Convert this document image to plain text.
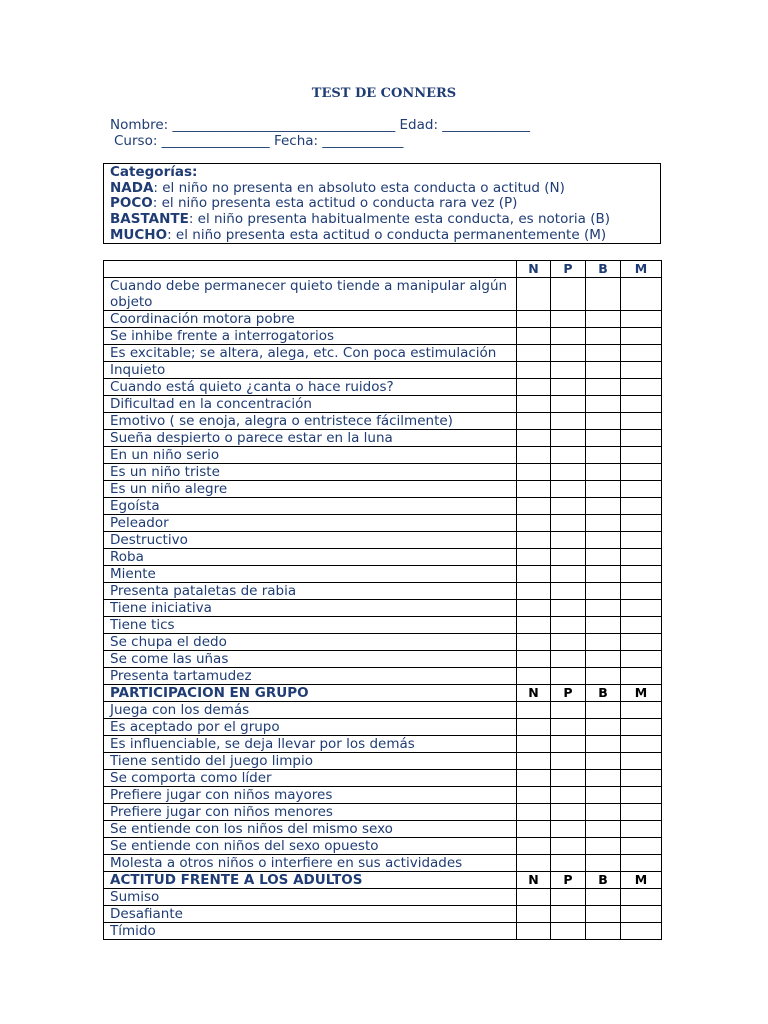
TEST DE CONNERS
Nombre: _________________________________ Edad: _____________
Curso: ________________ Fecha: ____________
Categorías:
NADA: el niño no presenta en absoluto esta conducta o actitud (N)
POCO: el niño presenta esta actitud o conducta rara vez (P)
BASTANTE: el niño presenta habitualmente esta conducta, es notoria (B)
MUCHO: el niño presenta esta actitud o conducta permanentemente (M)
	N	P	B	M
Cuando debe permanecer quieto tiende a manipular algún objeto				
Coordinación motora pobre				
Se inhibe frente a interrogatorios				
Es excitable; se altera, alega, etc. Con poca estimulación				
Inquieto				
Cuando está quieto ¿canta o hace ruidos?				
Dificultad en la concentración				
Emotivo ( se enoja, alegra o entristece fácilmente)				
Sueña despierto o parece estar en la luna				
En un niño serio				
Es un niño triste				
Es un niño alegre				
Egoísta				
Peleador				
Destructivo				
Roba				
Miente				
Presenta pataletas de rabia				
Tiene iniciativa				
Tiene tics				
Se chupa el dedo				
Se come las uñas				
Presenta tartamudez				
PARTICIPACION EN GRUPO	N	P	B	M
Juega con los demás				
Es aceptado por el grupo				
Es influenciable, se deja llevar por los demás				
Tiene sentido del juego limpio				
Se comporta como líder				
Prefiere jugar con niños mayores				
Prefiere jugar con niños menores				
Se entiende con los niños del mismo sexo				
Se entiende con niños del sexo opuesto				
Molesta a otros niños o interfiere en sus actividades				
ACTITUD FRENTE A LOS ADULTOS	N	P	B	M
Sumiso				
Desafiante				
Tímido				
